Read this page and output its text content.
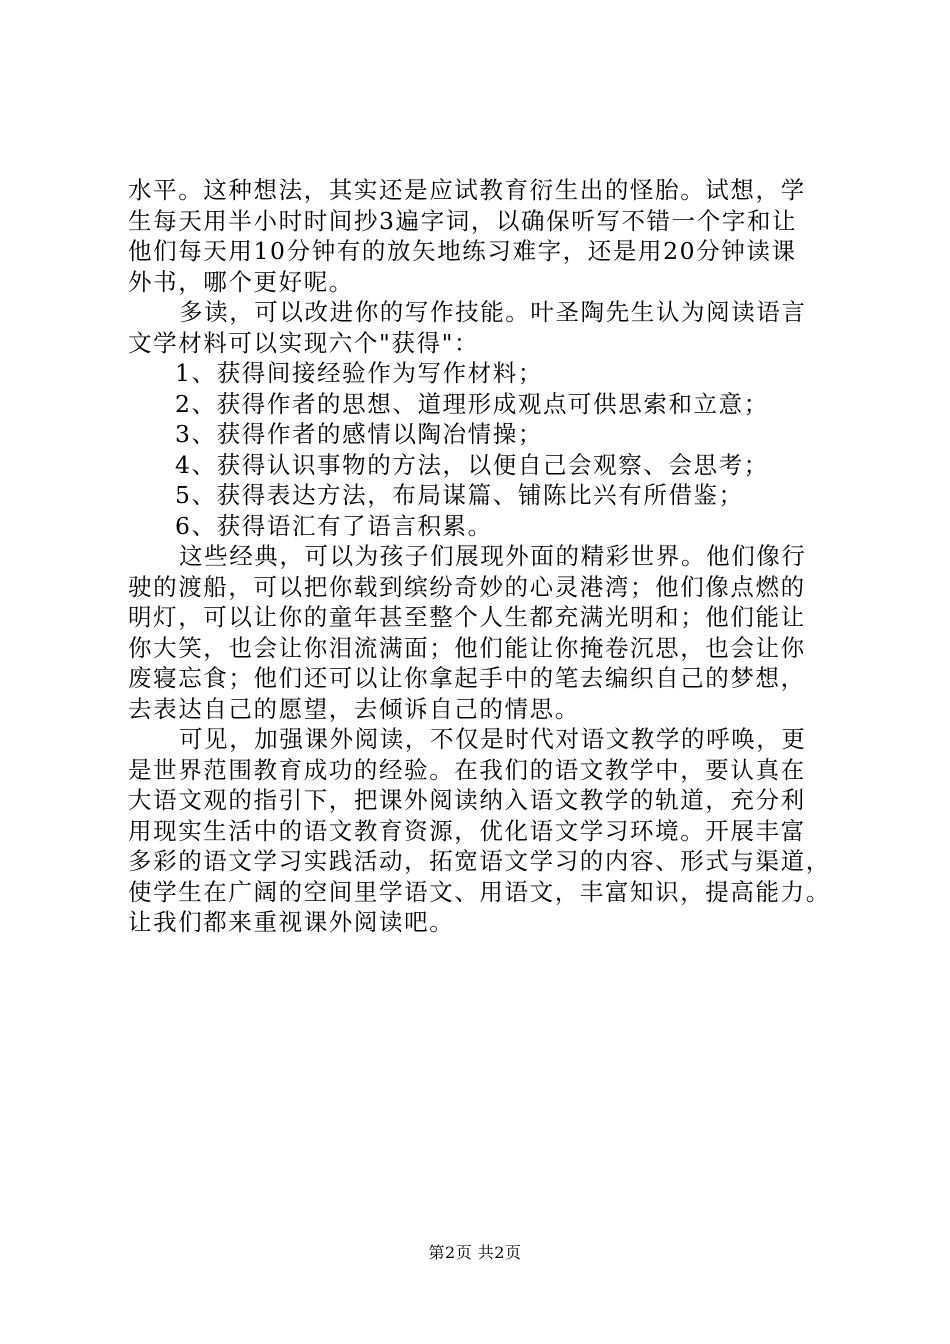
水平。这种想法，其实还是应试教育衍生出的怪胎。试想，学
生每天用半小时时间抄3遍字词，以确保听写不错一个字和让
他们每天用10分钟有的放矢地练习难字，还是用20分钟读课
外书，哪个更好呢。
多读，可以改进你的写作技能。叶圣陶先生认为阅读语言
文学材料可以实现六个"获得"：
1、获得间接经验作为写作材料；
2、获得作者的思想、道理形成观点可供思索和立意；
3、获得作者的感情以陶冶情操；
4、获得认识事物的方法，以便自己会观察、会思考；
5、获得表达方法，布局谋篇、铺陈比兴有所借鉴；
6、获得语汇有了语言积累。
这些经典，可以为孩子们展现外面的精彩世界。他们像行
驶的渡船，可以把你载到缤纷奇妙的心灵港湾；他们像点燃的
明灯，可以让你的童年甚至整个人生都充满光明和；他们能让
你大笑，也会让你泪流满面；他们能让你掩卷沉思，也会让你
废寝忘食；他们还可以让你拿起手中的笔去编织自己的梦想，
去表达自己的愿望，去倾诉自己的情思。
可见，加强课外阅读，不仅是时代对语文教学的呼唤，更
是世界范围教育成功的经验。在我们的语文教学中，要认真在
大语文观的指引下，把课外阅读纳入语文教学的轨道，充分利
用现实生活中的语文教育资源，优化语文学习环境。开展丰富
多彩的语文学习实践活动，拓宽语文学习的内容、形式与渠道，
使学生在广阔的空间里学语文、用语文，丰富知识，提高能力。
让我们都来重视课外阅读吧。
第2页 共2页
